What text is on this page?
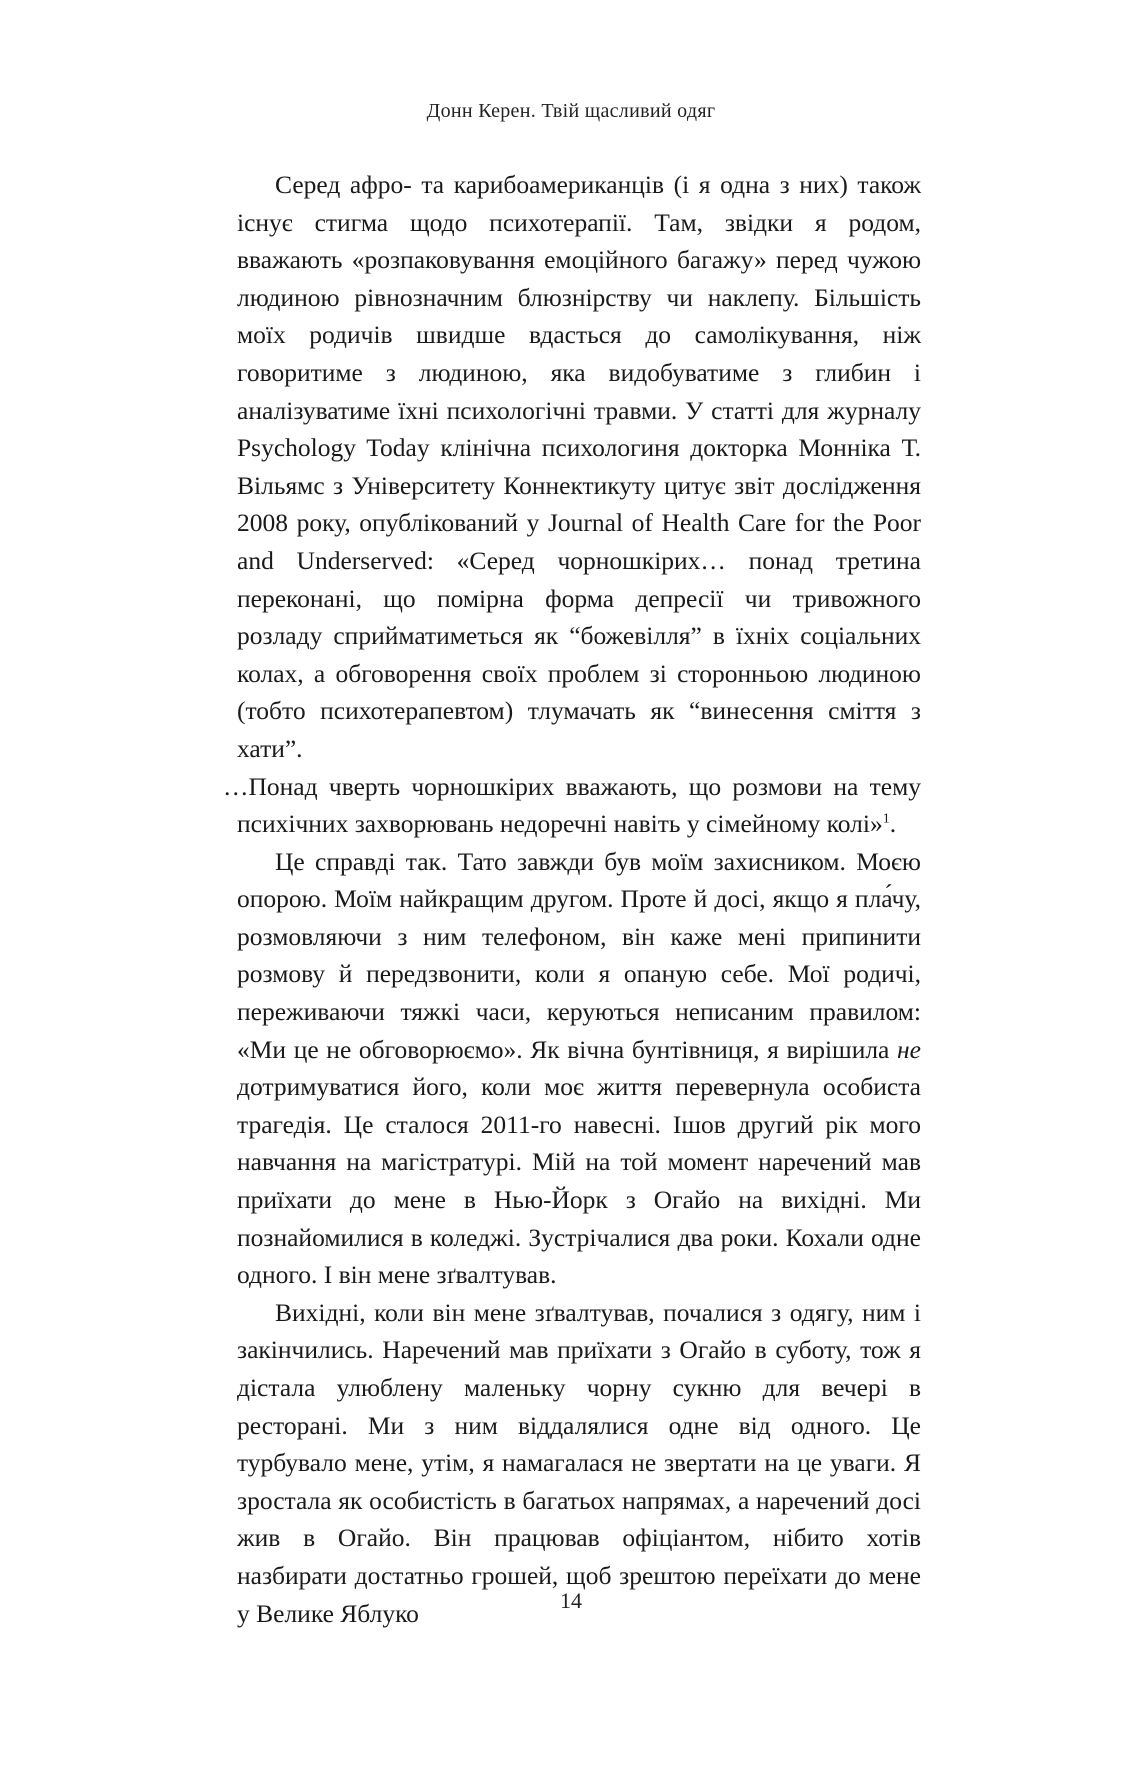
Донн Керен. Твій щасливий одяг

Серед афро- та карибоамериканців (і я одна з них) також існує стигма щодо психотерапії. Там, звідки я родом, вважають «розпаковування емоційного багажу» перед чужою людиною рівнозначним блюзнірству чи наклепу. Більшість моїх родичів швидше вдасться до самолікування, ніж говоритиме з людиною, яка видобуватиме з глибин і аналізуватиме їхні психологічні травми. У статті для журналу Psychology Today клінічна психологиня докторка Монніка Т. Вільямс з Університету Коннектикуту цитує звіт дослідження 2008 року, опублікований у Journal of Health Care for the Poor and Underserved: «Серед чорношкірих… понад третина переконані, що помірна форма депресії чи тривожного розладу сприйматиметься як “божевілля” в їхніх соціальних колах, а обговорення своїх проблем зі сторонньою людиною (тобто психотерапевтом) тлумачать як “винесення сміття з хати”.

…Понад чверть чорношкірих вважають, що розмови на тему психічних захворювань недоречні навіть у сімейному колі»$^1$.

Це справді так. Тато завжди був моїм захисником. Моєю опорою. Моїм найкращим другом. Проте й досі, якщо я пла́чу, розмовляючи з ним телефоном, він каже мені припинити розмову й передзвонити, коли я опаную себе. Мої родичі, переживаючи тяжкі часи, керуються неписаним правилом: «Ми це не обговорюємо». Як вічна бунтівниця, я вирішила не дотримуватися його, коли моє життя перевернула особиста трагедія. Це сталося 2011-го навесні. Ішов другий рік мого навчання на магістратурі. Мій на той момент наречений мав приїхати до мене в Нью-Йорк з Огайо на вихідні. Ми познайомилися в коледжі. Зустрічалися два роки. Кохали одне одного. І він мене зґвалтував.

Вихідні, коли він мене зґвалтував, почалися з одягу, ним і закінчились. Наречений мав приїхати з Огайо в суботу, тож я дістала улюблену маленьку чорну сукню для вечері в ресторані. Ми з ним віддалялися одне від одного. Це турбувало мене, утім, я намагалася не звертати на це уваги. Я зростала як особистість в багатьох напрямах, а наречений досі жив в Огайо. Він працював офіціантом, нібито хотів назбирати достатньо грошей, щоб зрештою переїхати до мене у Велике Яблуко	14
